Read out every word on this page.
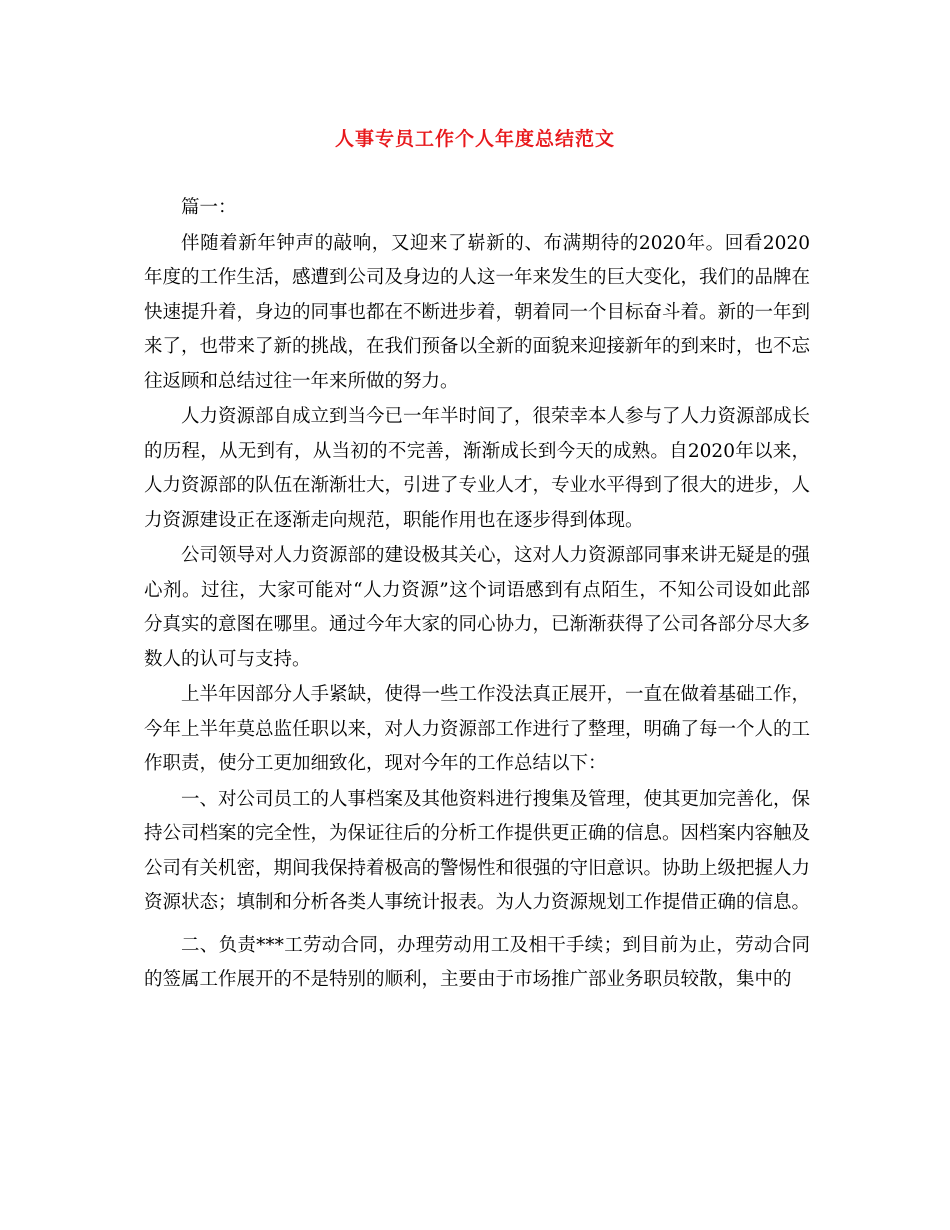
人事专员工作个人年度总结范文

篇一：

伴随着新年钟声的敲响，又迎来了崭新的、布满期待的2020年。回看2020年度的工作生活，感遭到公司及身边的人这一年来发生的巨大变化，我们的品牌在快速提升着，身边的同事也都在不断进步着，朝着同一个目标奋斗着。新的一年到来了，也带来了新的挑战，在我们预备以全新的面貌来迎接新年的到来时，也不忘往返顾和总结过往一年来所做的努力。

人力资源部自成立到当今已一年半时间了，很荣幸本人参与了人力资源部成长的历程，从无到有，从当初的不完善，渐渐成长到今天的成熟。自2020年以来，人力资源部的队伍在渐渐壮大，引进了专业人才，专业水平得到了很大的进步，人力资源建设正在逐渐走向规范，职能作用也在逐步得到体现。

公司领导对人力资源部的建设极其关心，这对人力资源部同事来讲无疑是的强心剂。过往，大家可能对“人力资源”这个词语感到有点陌生，不知公司设如此部分真实的意图在哪里。通过今年大家的同心协力，已渐渐获得了公司各部分尽大多数人的认可与支持。

上半年因部分人手紧缺，使得一些工作没法真正展开，一直在做着基础工作，今年上半年莫总监任职以来，对人力资源部工作进行了整理，明确了每一个人的工作职责，使分工更加细致化，现对今年的工作总结以下：

一、对公司员工的人事档案及其他资料进行搜集及管理，使其更加完善化，保持公司档案的完全性，为保证往后的分析工作提供更正确的信息。因档案内容触及公司有关机密，期间我保持着极高的警惕性和很强的守旧意识。协助上级把握人力资源状态；填制和分析各类人事统计报表。为人力资源规划工作提借正确的信息。

二、负责***工劳动合同，办理劳动用工及相干手续；到目前为止，劳动合同的签属工作展开的不是特别的顺利，主要由于市场推广部业务职员较散，集中的
